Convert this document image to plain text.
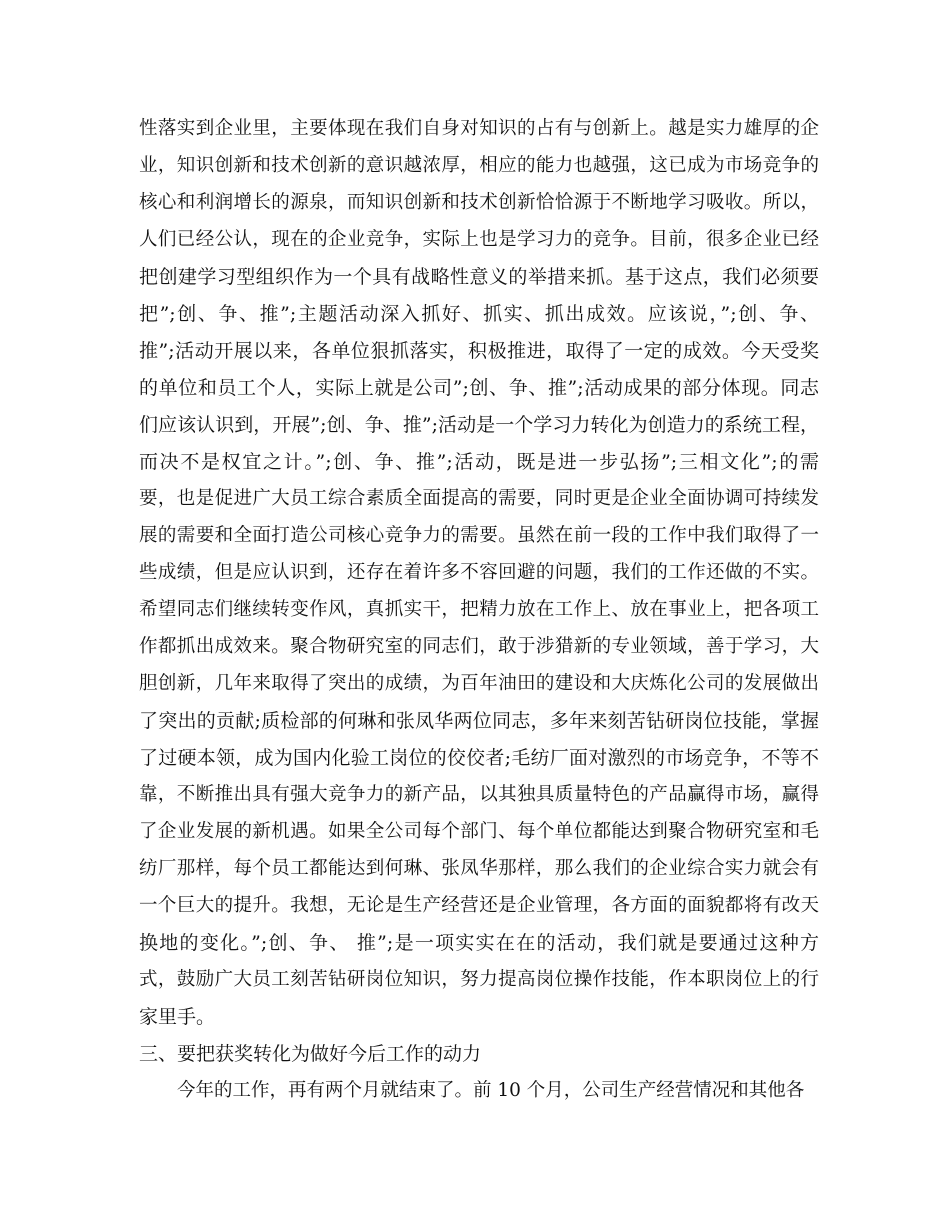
性落实到企业里，主要体现在我们自身对知识的占有与创新上。越是实力雄厚的企
业，知识创新和技术创新的意识越浓厚，相应的能力也越强，这已成为市场竞争的
核心和利润增长的源泉，而知识创新和技术创新恰恰源于不断地学习吸收。所以，
人们已经公认，现在的企业竞争，实际上也是学习力的竞争。目前，很多企业已经
把创建学习型组织作为一个具有战略性意义的举措来抓。基于这点，我们必须要
把”;创、争、推”;主题活动深入抓好、抓实、抓出成效。应该说，”;创、争、
推”;活动开展以来，各单位狠抓落实，积极推进，取得了一定的成效。今天受奖
的单位和员工个人，实际上就是公司”;创、争、推”;活动成果的部分体现。同志
们应该认识到，开展”;创、争、推”;活动是一个学习力转化为创造力的系统工程，
而决不是权宜之计。”;创、争、推”;活动，既是进一步弘扬”;三相文化”;的需
要，也是促进广大员工综合素质全面提高的需要，同时更是企业全面协调可持续发
展的需要和全面打造公司核心竞争力的需要。虽然在前一段的工作中我们取得了一
些成绩，但是应认识到，还存在着许多不容回避的问题，我们的工作还做的不实。
希望同志们继续转变作风，真抓实干，把精力放在工作上、放在事业上，把各项工
作都抓出成效来。聚合物研究室的同志们，敢于涉猎新的专业领域，善于学习，大
胆创新，几年来取得了突出的成绩，为百年油田的建设和大庆炼化公司的发展做出
了突出的贡献;质检部的何琳和张凤华两位同志，多年来刻苦钻研岗位技能，掌握
了过硬本领，成为国内化验工岗位的佼佼者;毛纺厂面对激烈的市场竞争，不等不
靠，不断推出具有强大竞争力的新产品，以其独具质量特色的产品赢得市场，赢得
了企业发展的新机遇。如果全公司每个部门、每个单位都能达到聚合物研究室和毛
纺厂那样，每个员工都能达到何琳、张凤华那样，那么我们的企业综合实力就会有
一个巨大的提升。我想，无论是生产经营还是企业管理，各方面的面貌都将有改天
换地的变化。”;创、争、 推”;是一项实实在在的活动，我们就是要通过这种方
式，鼓励广大员工刻苦钻研岗位知识，努力提高岗位操作技能，作本职岗位上的行
家里手。
三、要把获奖转化为做好今后工作的动力
今年的工作，再有两个月就结束了。前 10 个月，公司生产经营情况和其他各
